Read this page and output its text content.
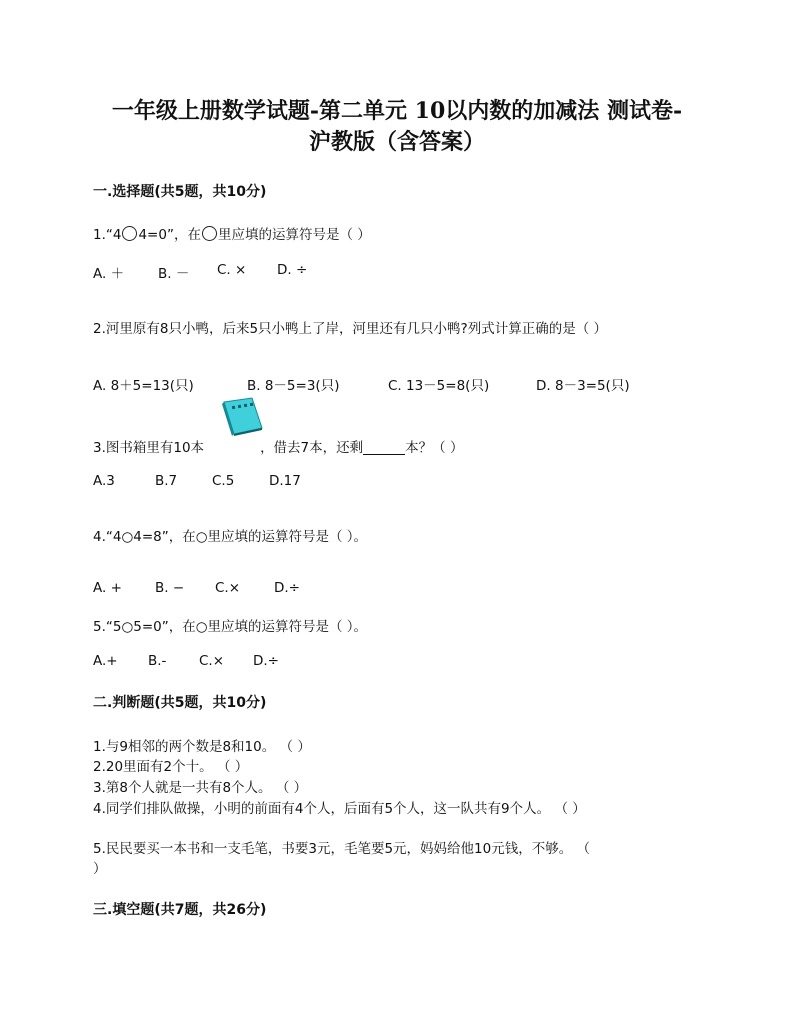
一年级上册数学试题-第二单元 10以内数的加减法 测试卷-
沪教版（含答案）
一.选择题(共5题，共10分)
1.“4 4=0”，在 里应填的运算符号是（ ）
A. ＋	B. － C. × D. ÷
2.河里原有8只小鸭，后来5只小鸭上了岸，河里还有几只小鸭?列式计算正确的是（ ）
A. 8＋5=13(只)	B. 8－5=3(只)	C. 13－5=8(只)	D. 8－3=5(只)
3.图书箱里有10本	，借去7本，还剩	本？（ ）
A.3	B.7	C.5	D.17
4.“4○4=8”，在○里应填的运算符号是（ ）。
A. + B. − C.×	D.÷
5.“5○5=0”，在○里应填的运算符号是（ ）。
A.+ B.- C.× D.÷
二.判断题(共5题，共10分)
1.与9相邻的两个数是8和10。 （ ）
2.20里面有2个十。 （ ）
3.第8个人就是一共有8个人。 （ ）
4.同学们排队做操，小明的前面有4个人，后面有5个人，这一队共有9个人。 （ ）
5.民民要买一本书和一支毛笔，书要3元，毛笔要5元，妈妈给他10元钱，不够。 （
）
三.填空题(共7题，共26分)
